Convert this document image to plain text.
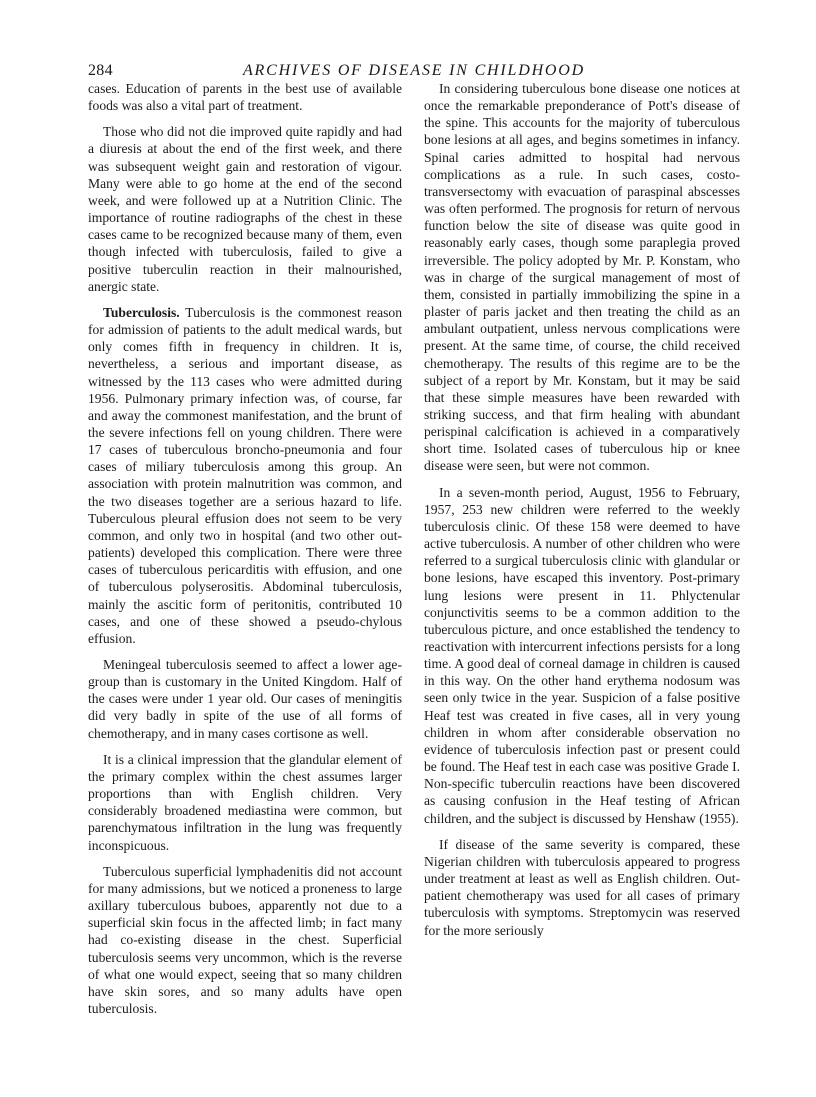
284	ARCHIVES OF DISEASE IN CHILDHOOD

cases. Education of parents in the best use of available foods was also a vital part of treatment.

Those who did not die improved quite rapidly and had a diuresis at about the end of the first week, and there was subsequent weight gain and restoration of vigour. Many were able to go home at the end of the second week, and were followed up at a Nutrition Clinic. The importance of routine radiographs of the chest in these cases came to be recognized because many of them, even though infected with tuberculosis, failed to give a positive tuberculin reaction in their malnourished, anergic state.

Tuberculosis. Tuberculosis is the commonest reason for admission of patients to the adult medical wards, but only comes fifth in frequency in children. It is, nevertheless, a serious and important disease, as witnessed by the 113 cases who were admitted during 1956. Pulmonary primary infection was, of course, far and away the commonest manifestation, and the brunt of the severe infections fell on young children. There were 17 cases of tuberculous broncho-pneumonia and four cases of miliary tuberculosis among this group. An association with protein malnutrition was common, and the two diseases together are a serious hazard to life. Tuberculous pleural effusion does not seem to be very common, and only two in hospital (and two other out-patients) developed this complication. There were three cases of tuberculous pericarditis with effusion, and one of tuberculous polyserositis. Abdominal tuberculosis, mainly the ascitic form of peritonitis, contributed 10 cases, and one of these showed a pseudo-chylous effusion.

Meningeal tuberculosis seemed to affect a lower age-group than is customary in the United Kingdom. Half of the cases were under 1 year old. Our cases of meningitis did very badly in spite of the use of all forms of chemotherapy, and in many cases cortisone as well.

It is a clinical impression that the glandular element of the primary complex within the chest assumes larger proportions than with English children. Very considerably broadened mediastina were common, but parenchymatous infiltration in the lung was frequently inconspicuous.

Tuberculous superficial lymphadenitis did not account for many admissions, but we noticed a proneness to large axillary tuberculous buboes, apparently not due to a superficial skin focus in the affected limb; in fact many had co-existing disease in the chest. Superficial tuberculosis seems very uncommon, which is the reverse of what one would expect, seeing that so many children have skin sores, and so many adults have open tuberculosis.

In considering tuberculous bone disease one notices at once the remarkable preponderance of Pott's disease of the spine. This accounts for the majority of tuberculous bone lesions at all ages, and begins sometimes in infancy. Spinal caries admitted to hospital had nervous complications as a rule. In such cases, costo-transversectomy with evacuation of paraspinal abscesses was often performed. The prognosis for return of nervous function below the site of disease was quite good in reasonably early cases, though some paraplegia proved irreversible. The policy adopted by Mr. P. Konstam, who was in charge of the surgical management of most of them, consisted in partially immobilizing the spine in a plaster of paris jacket and then treating the child as an ambulant outpatient, unless nervous complications were present. At the same time, of course, the child received chemotherapy. The results of this regime are to be the subject of a report by Mr. Konstam, but it may be said that these simple measures have been rewarded with striking success, and that firm healing with abundant perispinal calcification is achieved in a comparatively short time. Isolated cases of tuberculous hip or knee disease were seen, but were not common.

In a seven-month period, August, 1956 to February, 1957, 253 new children were referred to the weekly tuberculosis clinic. Of these 158 were deemed to have active tuberculosis. A number of other children who were referred to a surgical tuberculosis clinic with glandular or bone lesions, have escaped this inventory. Post-primary lung lesions were present in 11. Phlyctenular conjunctivitis seems to be a common addition to the tuberculous picture, and once established the tendency to reactivation with intercurrent infections persists for a long time. A good deal of corneal damage in children is caused in this way. On the other hand erythema nodosum was seen only twice in the year. Suspicion of a false positive Heaf test was created in five cases, all in very young children in whom after considerable observation no evidence of tuberculosis infection past or present could be found. The Heaf test in each case was positive Grade I. Non-specific tuberculin reactions have been discovered as causing confusion in the Heaf testing of African children, and the subject is discussed by Henshaw (1955).

If disease of the same severity is compared, these Nigerian children with tuberculosis appeared to progress under treatment at least as well as English children. Out-patient chemotherapy was used for all cases of primary tuberculosis with symptoms. Streptomycin was reserved for the more seriously
